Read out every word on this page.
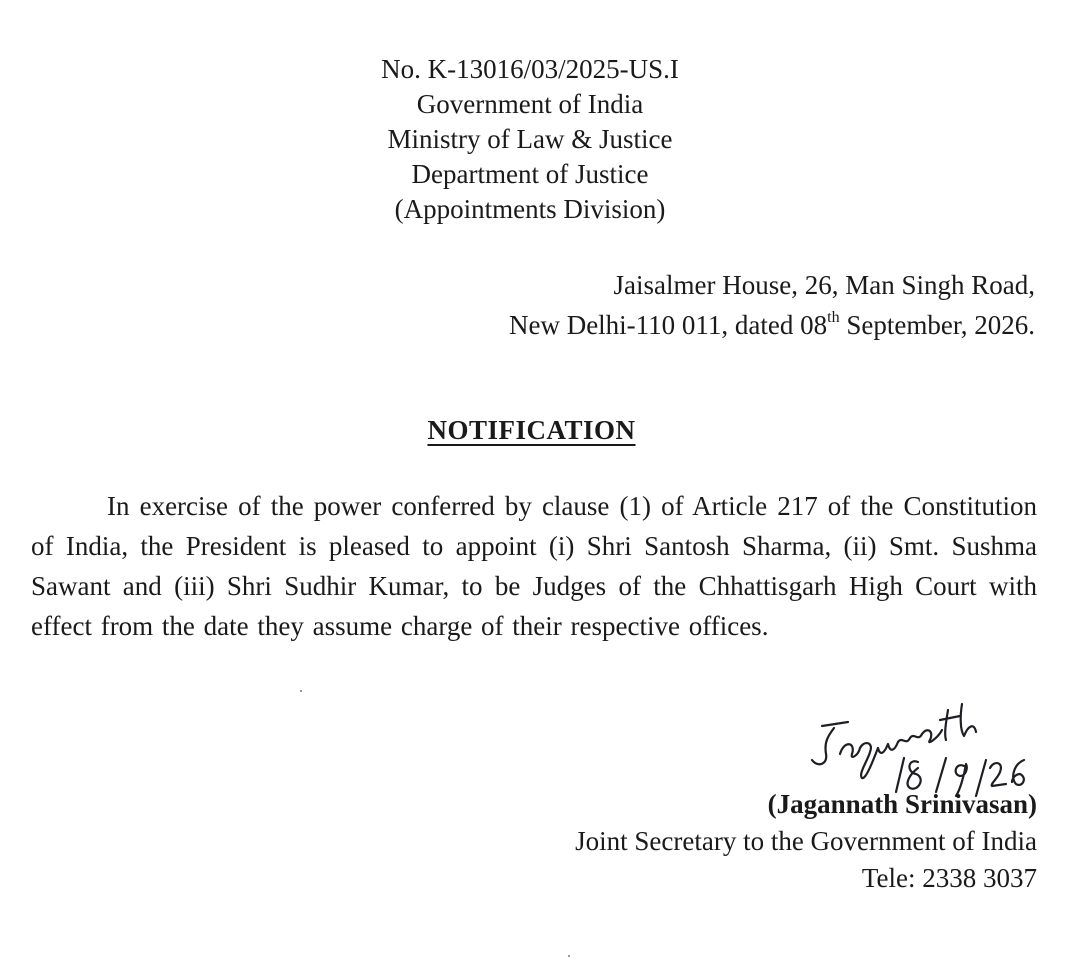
No. K-13016/03/2025-US.I
Government of India
Ministry of Law & Justice
Department of Justice
(Appointments Division)
Jaisalmer House, 26, Man Singh Road,
New Delhi-110 011, dated 08th September, 2026.
NOTIFICATION
In exercise of the power conferred by clause (1) of Article 217 of the Constitution of India, the President is pleased to appoint (i) Shri Santosh Sharma, (ii) Smt. Sushma Sawant and (iii) Shri Sudhir Kumar, to be Judges of the Chhattisgarh High Court with effect from the date they assume charge of their respective offices.
(Jagannath Srinivasan)
Joint Secretary to the Government of India
Tele: 2338 3037
